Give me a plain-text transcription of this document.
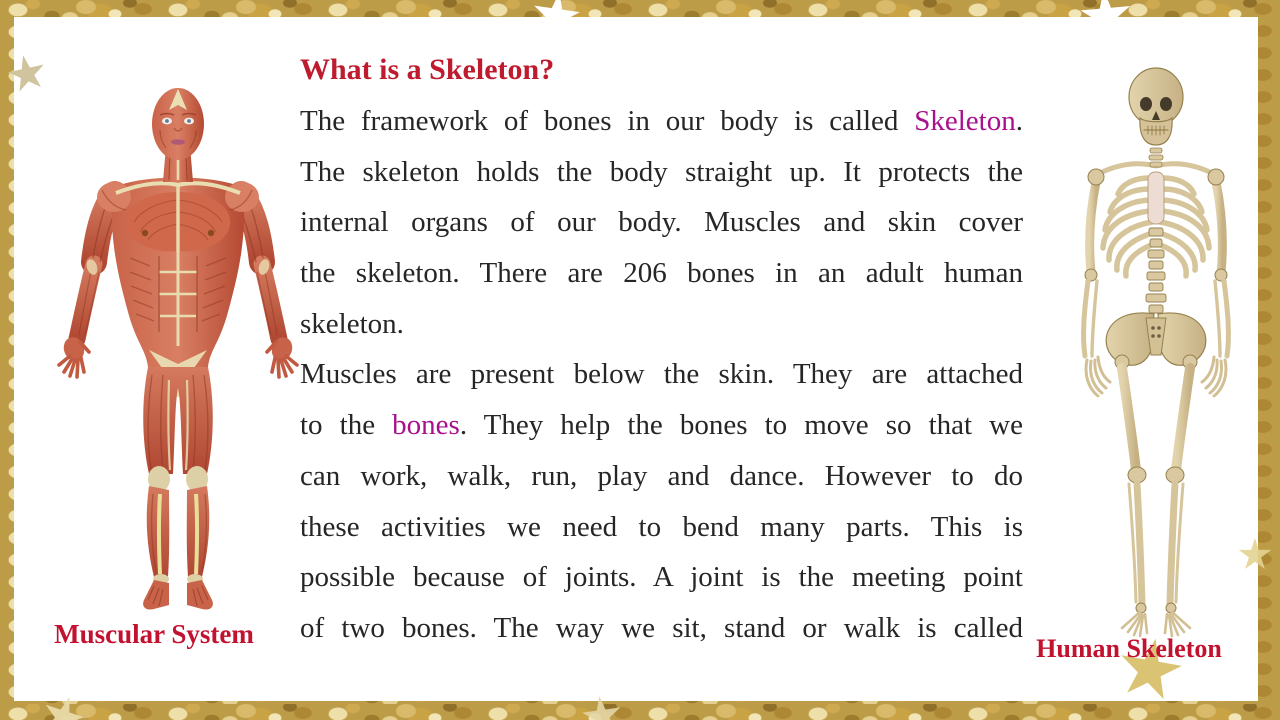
What is a Skeleton?
The framework of bones in our body is called Skeleton.
The skeleton holds the body straight up. It protects the
internal organs of our body. Muscles and skin cover
the skeleton. There are 206 bones in an adult human
skeleton.
Muscles are present below the skin. They are attached
to the bones. They help the bones to move so that we
can work, walk, run, play and dance. However to do
these activities we need to bend many parts. This is
possible because of joints. A joint is the meeting point
of two bones. The way we sit, stand or walk is called
Muscular System	Human Skeleton
